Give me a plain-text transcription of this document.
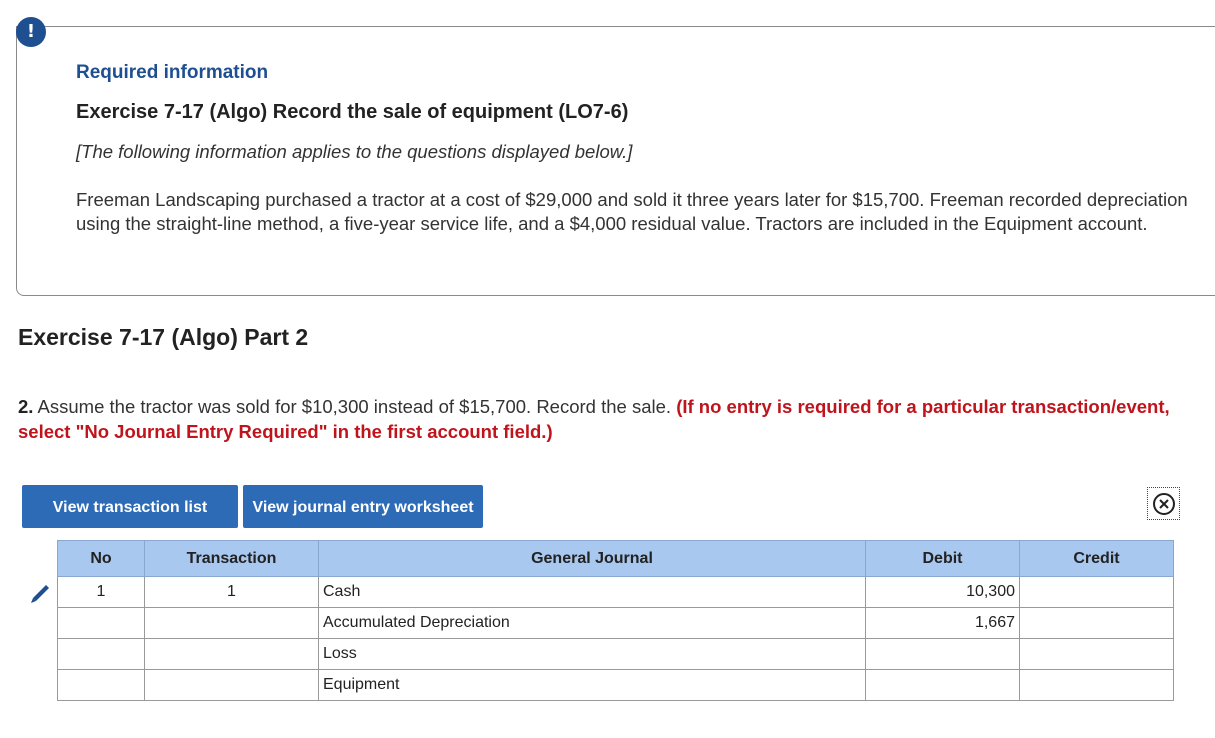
!
Required information
Exercise 7-17 (Algo) Record the sale of equipment (LO7-6)
[The following information applies to the questions displayed below.]
Freeman Landscaping purchased a tractor at a cost of $29,000 and sold it three years later for $15,700. Freeman recorded depreciation using the straight-line method, a five-year service life, and a $4,000 residual value. Tractors are included in the Equipment account.
Exercise 7-17 (Algo) Part 2
2. Assume the tractor was sold for $10,300 instead of $15,700. Record the sale. (If no entry is required for a particular transaction/event, select "No Journal Entry Required" in the first account field.)
View transaction list	View journal entry worksheet
No	Transaction	General Journal	Debit	Credit
1	1	Cash	10,300	
		Accumulated Depreciation	1,667	
		Loss		
		Equipment		
